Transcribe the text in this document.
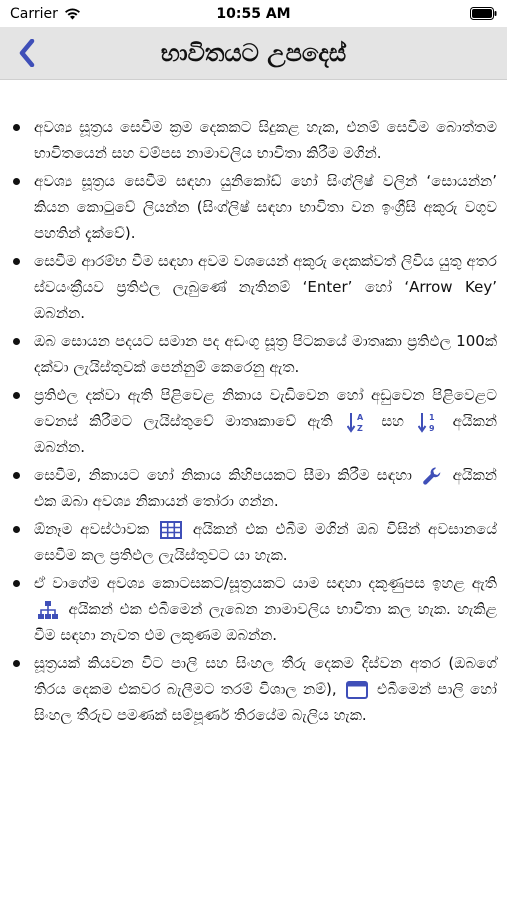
Carrier	10:55 AM
භාවිතයට උපදෙස්
අවශ්‍ය සූත්‍රය සෙවීම ක්‍රම දෙකකට සිදුකළ හැක, එනම් සෙවීම බොත්තම භාවිතයෙන් සහ වම්පස නාමාවලිය භාවිතා කිරීම මගින්.
අවශ්‍ය සූත්‍රය සෙවීම සඳහා යුනිකෝඩ් හෝ සිංග්ලිෂ් වලින් ‘සොයන්න’ කියන කොටුවේ ලියන්න (සිංග්ලිෂ් සඳහා භාවිතා වන ඉංග්‍රීසි අකුරු වගුව පහතින් දැක්වේ).
සෙවීම ආරම්භ වීම සඳහා අවම වශයෙන් අකුරු දෙකක්වත් ලිවිය යුතු අතර ස්වයංක්‍රීයව ප්‍රතිඵල ලැබුණේ නැතිනම් ‘Enter’ හෝ ‘Arrow Key’ ඔබන්න.
ඔබ සොයන පදයට සමාන පද අඩංගු සූත්‍ර පිටකයේ මාතෘකා ප්‍රතිඵල 100ක් දක්වා ලැයිස්තුවක් පෙන්නුම් කෙරෙනු ඇත.
ප්‍රතිඵල දක්වා ඇති පිළිවෙළ නිකාය වැඩිවෙන හෝ අඩුවෙන පිළිවෙළට වෙනස් කිරීමට ලැයිස්තුවේ මාතෘකාවේ ඇති	A
Z සහ	1
9 අයිකන් ඔබන්න.
සෙවීම, නිකායට හෝ නිකාය කිහිපයකට සීමා කිරීම සඳහා	අයිකන් එක ඔබා අවශ්‍ය නිකායන් තෝරා ගන්න.
ඕනෑම අවස්ථාවක	අයිකන් එක එබීම මගින් ඔබ විසින් අවසානයේ සෙවීම කල ප්‍රතිඵල ලැයිස්තුවට යා හැක.
ඒ වාගේම අවශ්‍ය කොටසකට/සූත්‍රයකට යාම සඳහා දකුණුපස ඉහළ ඇති  අයිකන් එක එබීමෙන් ලැබෙන නාමාවලිය භාවිතා කල හැක. හැකිළ වීම සඳහා නැවත එම ලකුණම ඔබන්න.
සූත්‍රයක් කියවන විට පාලි සහ සිංහල තීරු දෙකම දිස්වන අතර (ඔබගේ තිරය දෙකම එකවර බැලීමට තරම් විශාල නම්),	එබීමෙන් පාලි හෝ සිංහල තීරුව පමණක් සම්පූර්ණ තිරයේම බැලිය හැක.
